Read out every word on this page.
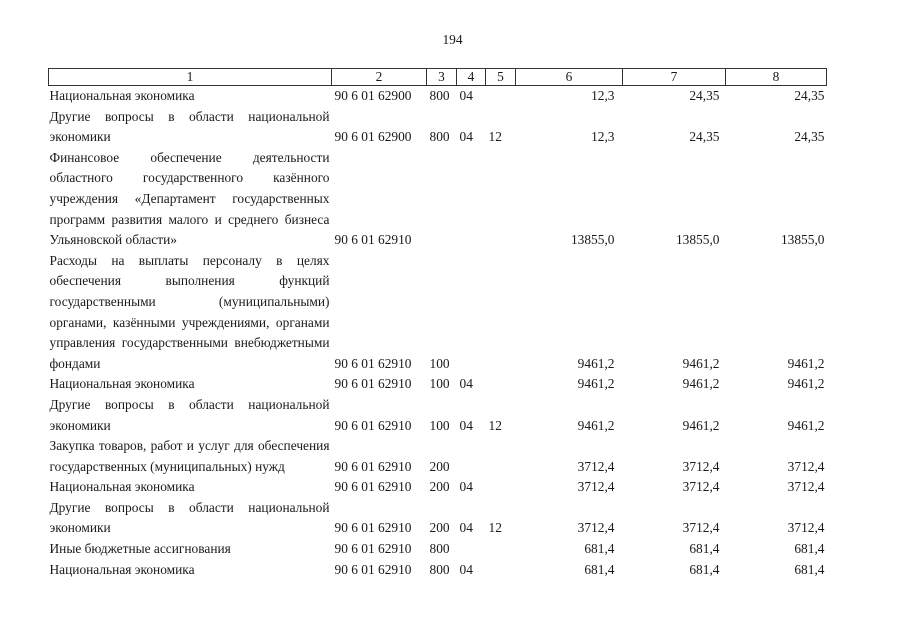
194
1	2	3	4	5	6	7	8
Национальная экономика	90 6 01 62900	800	04		12,3	24,35	24,35
Другие вопросы в области национальной экономики	90 6 01 62900	800	04	12	12,3	24,35	24,35
Финансовое обеспечение деятельности областного государственного казённого учреждения «Департамент государственных программ развития малого и среднего бизнеса Ульяновской области»	90 6 01 62910				13855,0	13855,0	13855,0
Расходы на выплаты персоналу в целях обеспечения выполнения функций государственными (муниципальными) органами, казёнными учреждениями, органами управления государственными внебюджетными фондами	90 6 01 62910	100			9461,2	9461,2	9461,2
Национальная экономика	90 6 01 62910	100	04		9461,2	9461,2	9461,2
Другие вопросы в области национальной экономики	90 6 01 62910	100	04	12	9461,2	9461,2	9461,2
Закупка товаров, работ и услуг для обеспечения государственных (муниципальных) нужд	90 6 01 62910	200			3712,4	3712,4	3712,4
Национальная экономика	90 6 01 62910	200	04		3712,4	3712,4	3712,4
Другие вопросы в области национальной экономики	90 6 01 62910	200	04	12	3712,4	3712,4	3712,4
Иные бюджетные ассигнования	90 6 01 62910	800			681,4	681,4	681,4
Национальная экономика	90 6 01 62910	800	04		681,4	681,4	681,4
